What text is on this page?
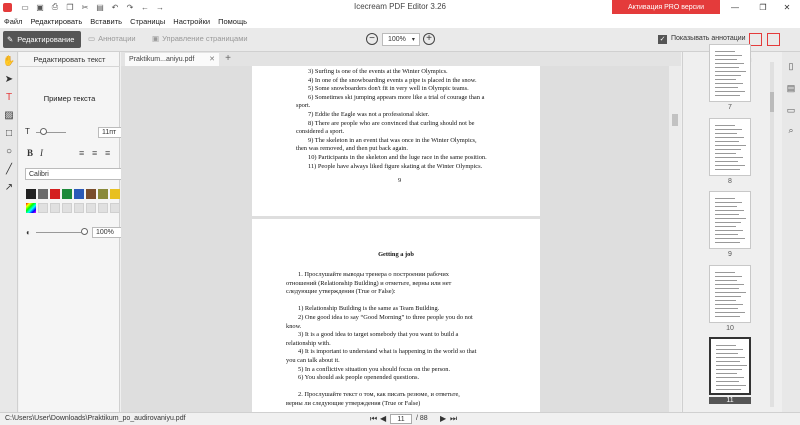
▭ ▣	⎙	❐	✂ ▤ ↶	↷ ← →	Icecream PDF Editor 3.26	Активация PRO версии	—	❐	✕
Файл Редактировать Вставить Страницы Настройки Помощь
✎ Редактирование ▭ Аннотации ▣ Управление страницами	−	100% ▾	+	✓ Показывать аннотации
✋
➤
T
▨
□
○
╱
↗
Редактировать текст
Пример текста
T	11пт
B I	≡ ≡ ≡
Calibri
◐	100%
Praktikum...aniyu.pdf ✕	+
3) Surfing is one of the events at the Winter Olympics.
4) In one of the snowboarding events a pipe is placed in the snow.
5) Some snowboarders don't fit in very well in Olympic teams.
6) Sometimes ski jumping appears more like a trial of courage than a
sport.
7) Eddie the Eagle was not a professional skier.
8) There are people who are convinced that curling should not be
considered a sport.
9) The skeleton in an event that was once in the Winter Olympics,
then was removed, and then put back again.
10) Participants in the skeleton and the luge race in the same position.
11) People have always liked figure skating at the Winter Olympics.
9
Getting a job
1. Прослушайте выводы тренера о построении рабочих
отношений (Relationship Building) и отметьте, верны или нет
следующие утверждения (True or False):
1) Relationship Building is the same as Team Building.
2) One good idea to say “Good Morning” to three people you do not
know.
3) It is a good idea to target somebody that you want to build a
relationship with.
4) It is important to understand what is happening in the world so that
you can talk about it.
5) In a conflictive situation you should focus on the person.
6) You should ask people openended questions.
2. Прослушайте текст о том, как писать резюме, и ответьте,
верны ли следующие утверждения (True or False)
7
8
9
10
11
▯
▤
▭
⌕
C:\Users\User\Downloads\Praktikum_po_audirovaniyu.pdf	⏮ ◀	11	/ 88 ▶ ⏭
